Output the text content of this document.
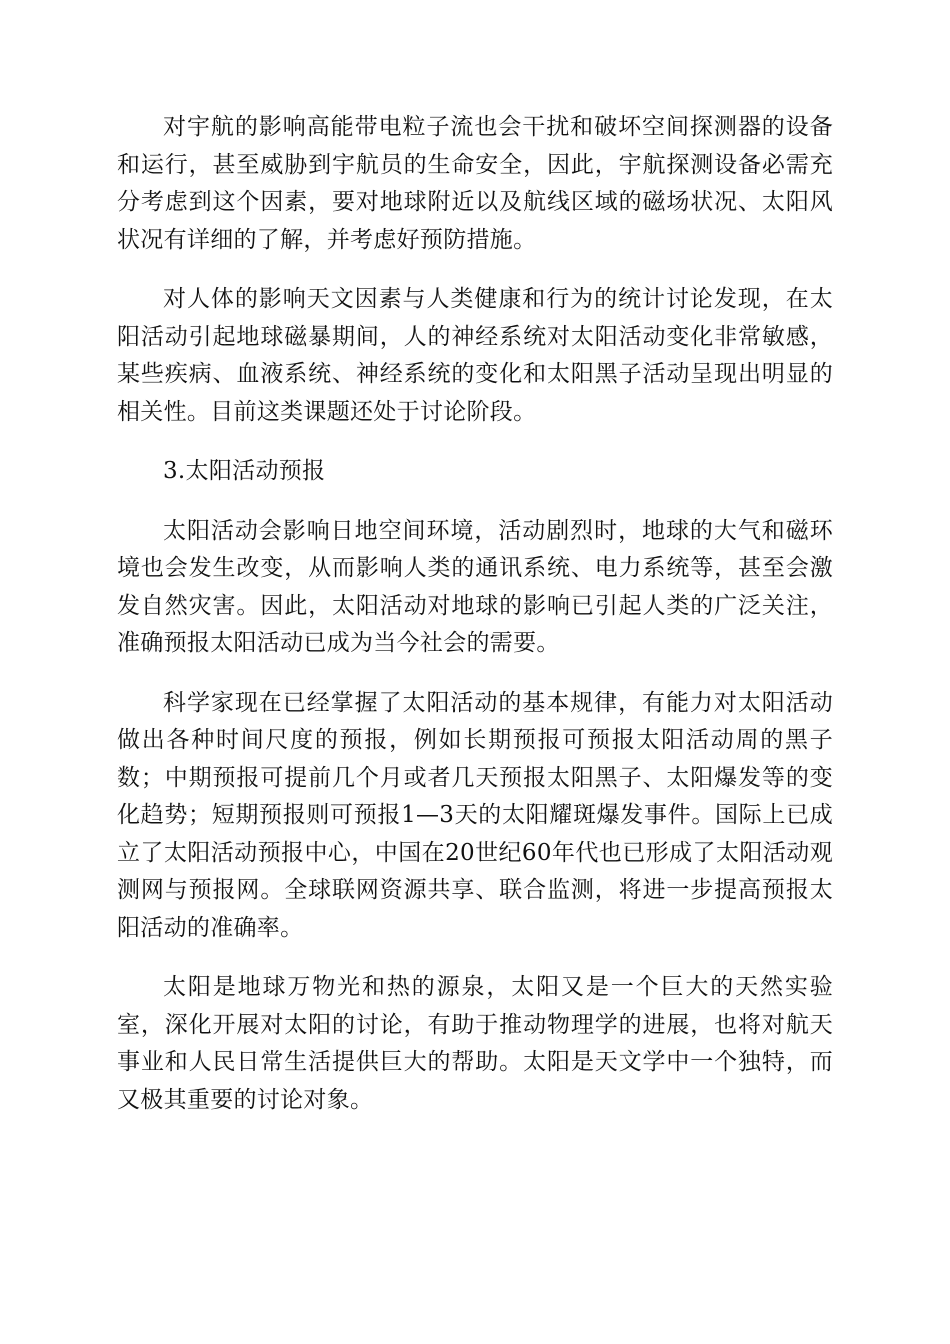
对宇航的影响高能带电粒子流也会干扰和破坏空间探测器的设备和运行，甚至威胁到宇航员的生命安全，因此，宇航探测设备必需充分考虑到这个因素，要对地球附近以及航线区域的磁场状况、太阳风状况有详细的了解，并考虑好预防措施。

对人体的影响天文因素与人类健康和行为的统计讨论发现，在太阳活动引起地球磁暴期间，人的神经系统对太阳活动变化非常敏感，某些疾病、血液系统、神经系统的变化和太阳黑子活动呈现出明显的相关性。目前这类课题还处于讨论阶段。

3.太阳活动预报

太阳活动会影响日地空间环境，活动剧烈时，地球的大气和磁环境也会发生改变，从而影响人类的通讯系统、电力系统等，甚至会激发自然灾害。因此，太阳活动对地球的影响已引起人类的广泛关注，准确预报太阳活动已成为当今社会的需要。

科学家现在已经掌握了太阳活动的基本规律，有能力对太阳活动做出各种时间尺度的预报，例如长期预报可预报太阳活动周的黑子数；中期预报可提前几个月或者几天预报太阳黑子、太阳爆发等的变化趋势；短期预报则可预报1—3天的太阳耀斑爆发事件。国际上已成立了太阳活动预报中心，中国在20世纪60年代也已形成了太阳活动观测网与预报网。全球联网资源共享、联合监测，将进一步提高预报太阳活动的准确率。

太阳是地球万物光和热的源泉，太阳又是一个巨大的天然实验室，深化开展对太阳的讨论，有助于推动物理学的进展，也将对航天事业和人民日常生活提供巨大的帮助。太阳是天文学中一个独特，而又极其重要的讨论对象。
